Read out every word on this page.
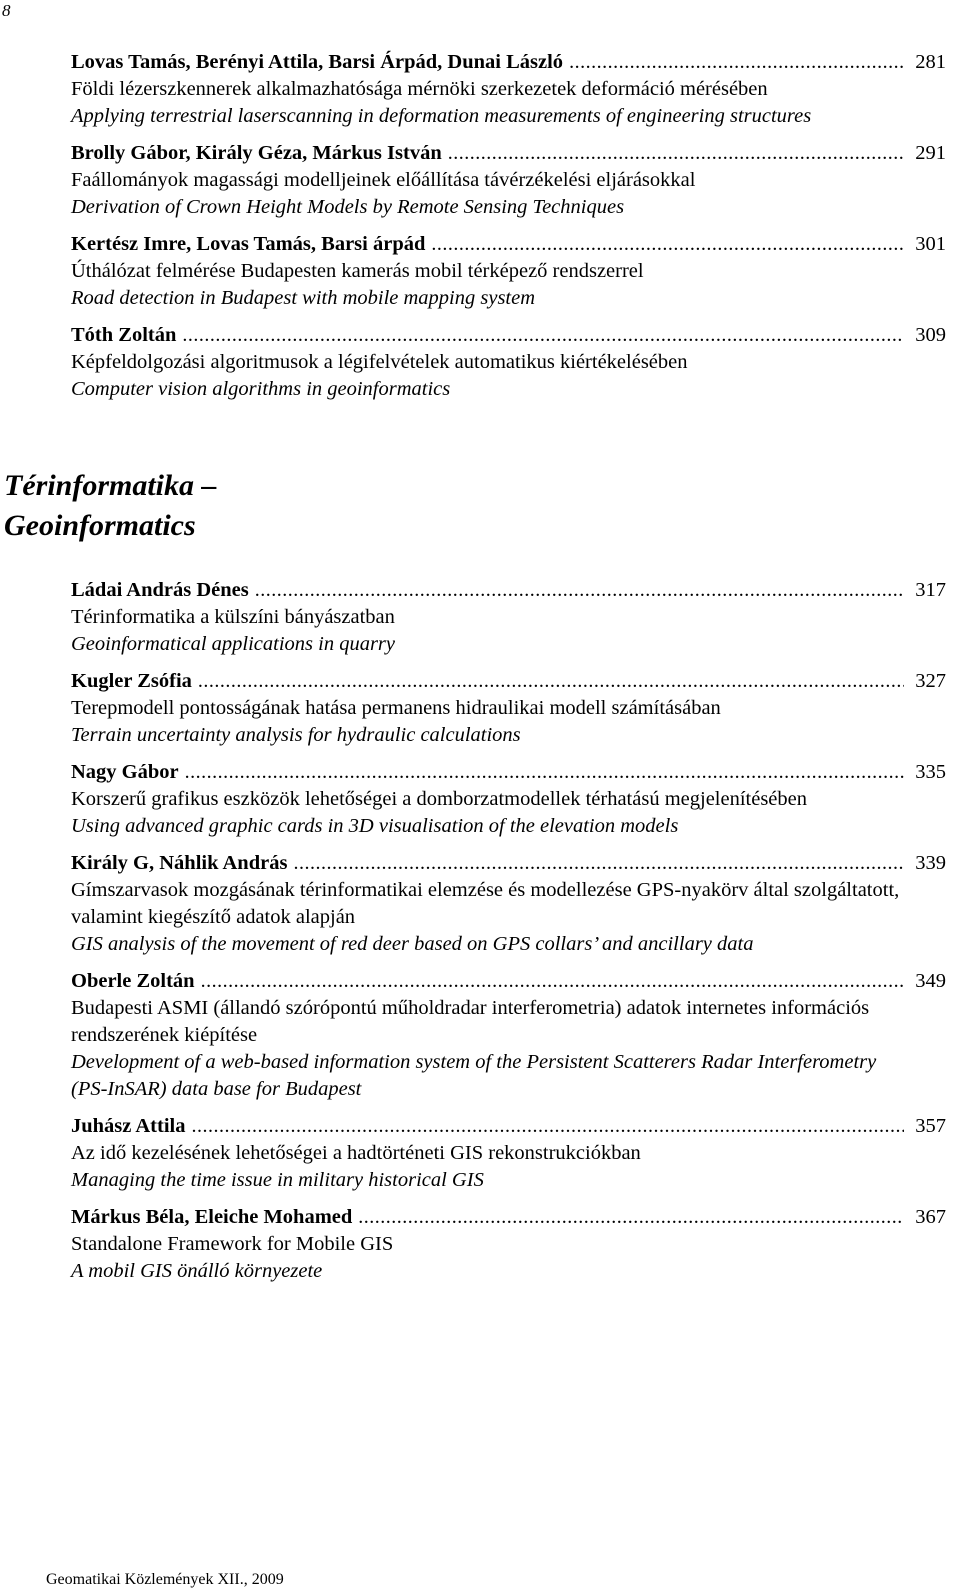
8
Lovas Tamás, Berényi Attila, Barsi Árpád, Dunai László .....	281
Földi lézerszkennerek alkalmazhatósága mérnöki szerkezetek deformáció mérésében
Applying terrestrial laserscanning in deformation measurements of engineering structures
Brolly Gábor, Király Géza, Márkus István .....	291
Faállományok magassági modelljeinek előállítása távérzékelési eljárásokkal
Derivation of Crown Height Models by Remote Sensing Techniques
Kertész Imre, Lovas Tamás, Barsi árpád .....	301
Úthálózat felmérése Budapesten kamerás mobil térképező rendszerrel
Road detection in Budapest with mobile mapping system
Tóth Zoltán .....	309
Képfeldolgozási algoritmusok a légifelvételek automatikus kiértékelésében
Computer vision algorithms in geoinformatics
Térinformatika –
Geoinformatics
Ládai András Dénes .....	317
Térinformatika a külszíni bányászatban
Geoinformatical applications in quarry
Kugler Zsófia .....	327
Terepmodell pontosságának hatása permanens hidraulikai modell számításában
Terrain uncertainty analysis for hydraulic calculations
Nagy Gábor .....	335
Korszerű grafikus eszközök lehetőségei a domborzatmodellek térhatású megjelenítésében
Using advanced graphic cards in 3D visualisation of the elevation models
Király G, Náhlik András .....	339
Gímszarvasok mozgásának térinformatikai elemzése és modellezése GPS-nyakörv által szolgáltatott, valamint kiegészítő adatok alapján
GIS analysis of the movement of red deer based on GPS collars’ and ancillary data
Oberle Zoltán .....	349
Budapesti ASMI (állandó szórópontú műholdradar interferometria) adatok internetes információs rendszerének kiépítése
Development of a web-based information system of the Persistent Scatterers Radar Interferometry (PS-InSAR) data base for Budapest
Juhász Attila .....	357
Az idő kezelésének lehetőségei a hadtörténeti GIS rekonstrukciókban
Managing the time issue in military historical GIS
Márkus Béla, Eleiche Mohamed .....	367
Standalone Framework for Mobile GIS
A mobil GIS önálló környezete
Geomatikai Közlemények XII., 2009
